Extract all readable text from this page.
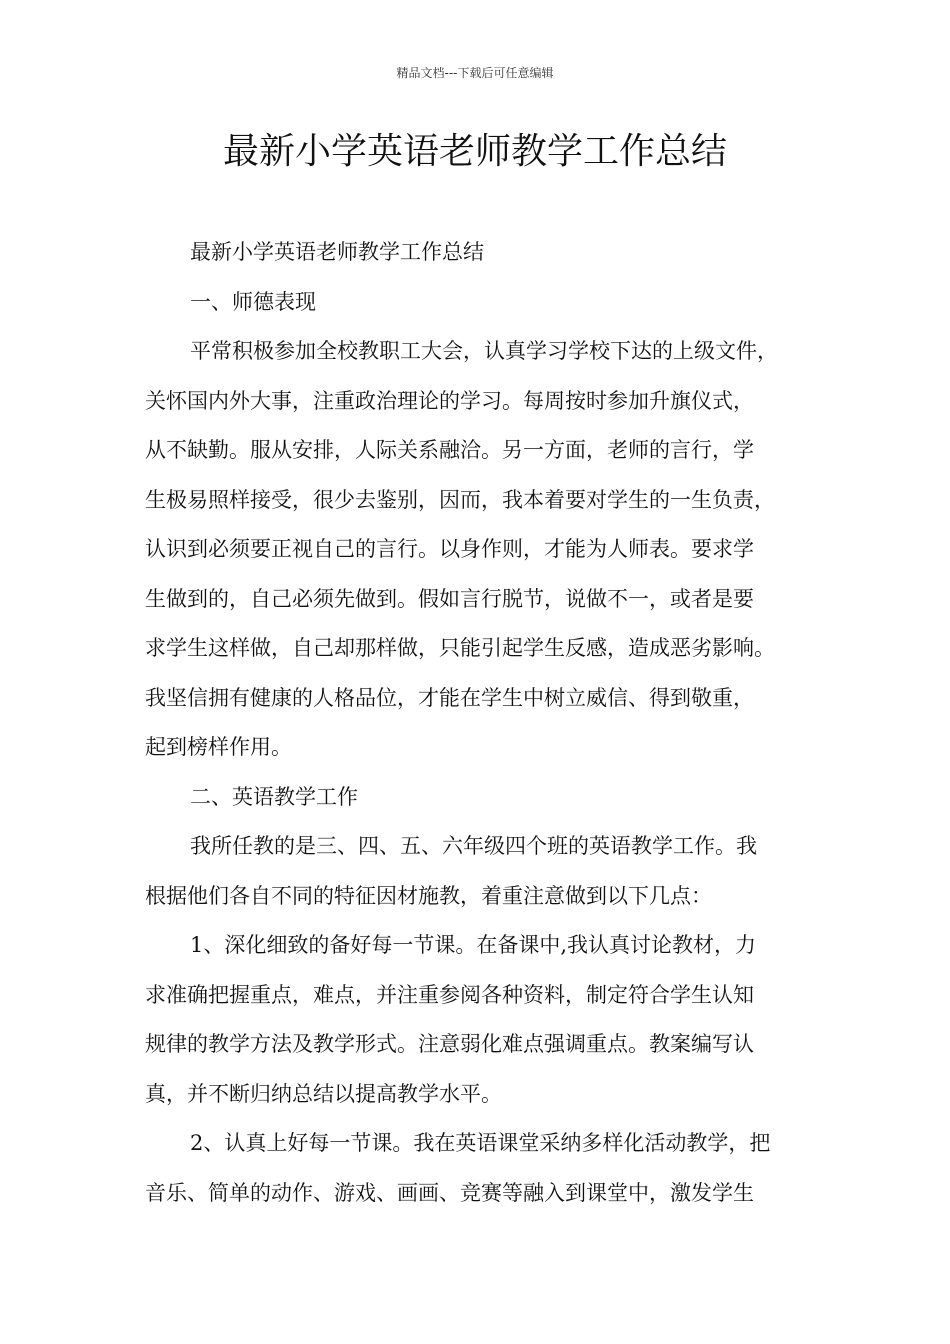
精品文档---下载后可任意编辑
最新小学英语老师教学工作总结
最新小学英语老师教学工作总结
一、师德表现
平常积极参加全校教职工大会，认真学习学校下达的上级文件，
关怀国内外大事，注重政治理论的学习。每周按时参加升旗仪式，
从不缺勤。服从安排，人际关系融洽。另一方面，老师的言行，学
生极易照样接受，很少去鉴别，因而，我本着要对学生的一生负责，
认识到必须要正视自己的言行。以身作则，才能为人师表。要求学
生做到的，自己必须先做到。假如言行脱节，说做不一，或者是要
求学生这样做，自己却那样做，只能引起学生反感，造成恶劣影响。
我坚信拥有健康的人格品位，才能在学生中树立威信、得到敬重，
起到榜样作用。
二、英语教学工作
我所任教的是三、四、五、六年级四个班的英语教学工作。我
根据他们各自不同的特征因材施教，着重注意做到以下几点：
1、深化细致的备好每一节课。在备课中,我认真讨论教材，力
求准确把握重点，难点，并注重参阅各种资料，制定符合学生认知
规律的教学方法及教学形式。注意弱化难点强调重点。教案编写认
真，并不断归纳总结以提高教学水平。
2、认真上好每一节课。我在英语课堂采纳多样化活动教学，把
音乐、简单的动作、游戏、画画、竞赛等融入到课堂中，激发学生
